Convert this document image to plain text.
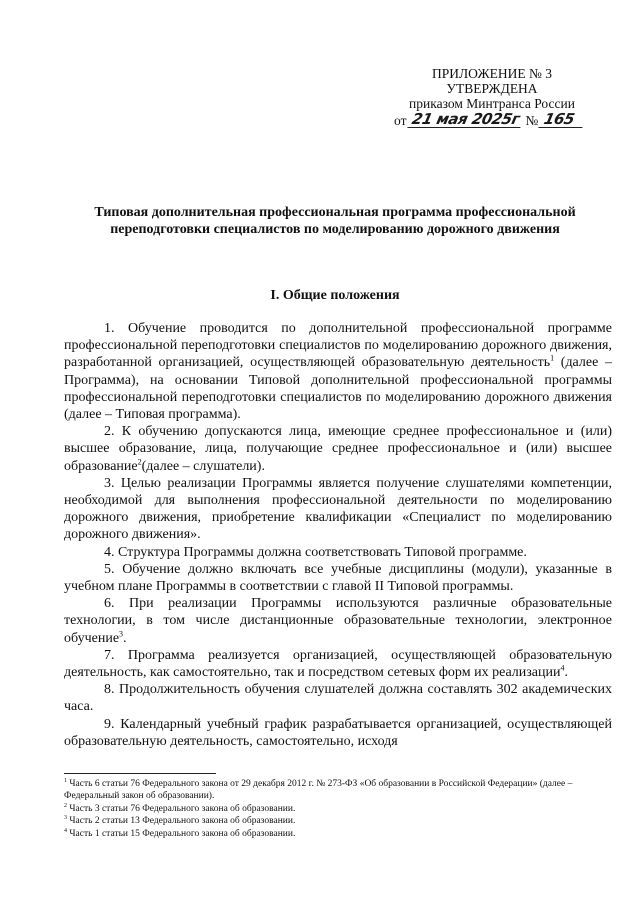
ПРИЛОЖЕНИЕ № 3
УТВЕРЖДЕНА
приказом Минтранса России
от 21 мая 2025г № 165
Типовая дополнительная профессиональная программа профессиональной переподготовки специалистов по моделированию дорожного движения
I. Общие положения

1. Обучение проводится по дополнительной профессиональной программе профессиональной переподготовки специалистов по моделированию дорожного движения, разработанной организацией, осуществляющей образовательную деятельность$^1$ (далее – Программа), на основании Типовой дополнительной профессиональной программы профессиональной переподготовки специалистов по моделированию дорожного движения (далее – Типовая программа).

2. К обучению допускаются лица, имеющие среднее профессиональное и (или) высшее образование, лица, получающие среднее профессиональное и (или) высшее образование$^2$(далее – слушатели).

3. Целью реализации Программы является получение слушателями компетенции, необходимой для выполнения профессиональной деятельности по моделированию дорожного движения, приобретение квалификации «Специалист по моделированию дорожного движения».

4. Структура Программы должна соответствовать Типовой программе.

5. Обучение должно включать все учебные дисциплины (модули), указанные в учебном плане Программы в соответствии с главой II Типовой программы.

6. При реализации Программы используются различные образовательные технологии, в том числе дистанционные образовательные технологии, электронное обучение$^3$.

7. Программа реализуется организацией, осуществляющей образовательную деятельность, как самостоятельно, так и посредством сетевых форм их реализации$^4$.

8. Продолжительность обучения слушателей должна составлять 302 академических часа.

9. Календарный учебный график разрабатывается организацией, осуществляющей образовательную деятельность, самостоятельно, исходя

$^1$ Часть 6 статьи 76 Федерального закона от 29 декабря 2012 г. № 273-ФЗ «Об образовании в Российской Федерации» (далее – Федеральный закон об образовании).
$^2$ Часть 3 статьи 76 Федерального закона об образовании.
$^3$ Часть 2 статьи 13 Федерального закона об образовании.
$^4$ Часть 1 статьи 15 Федерального закона об образовании.
